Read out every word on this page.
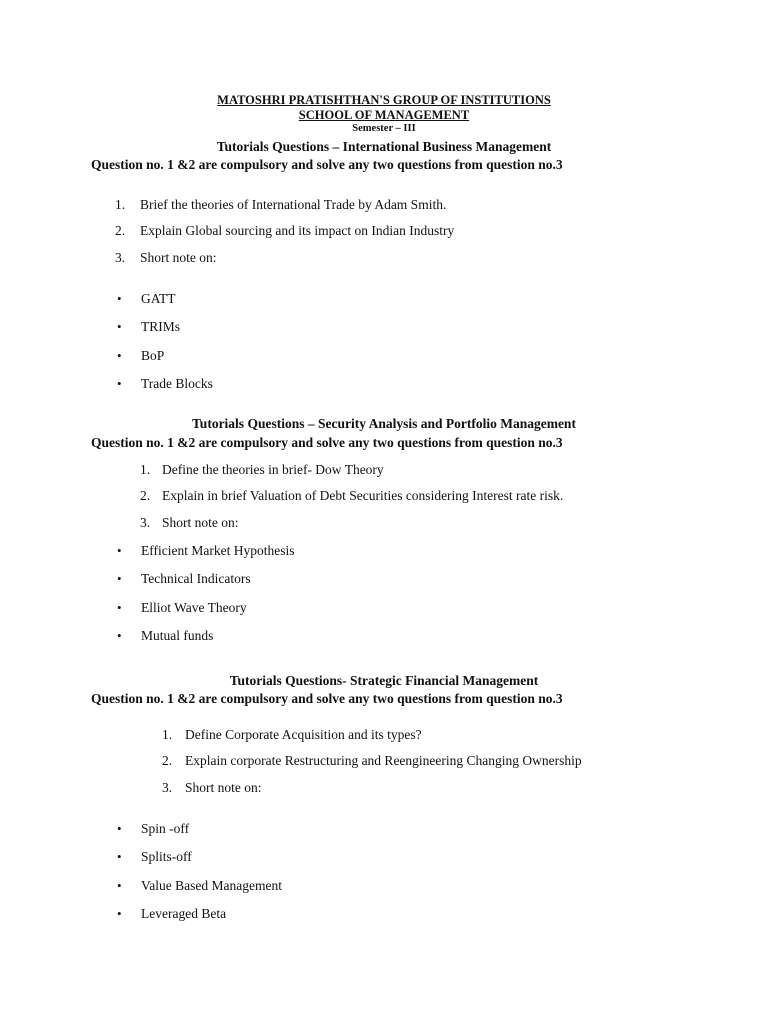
MATOSHRI PRATISHTHAN'S GROUP OF INSTITUTIONS
SCHOOL OF MANAGEMENT
Semester – III
Tutorials Questions – International Business Management
Question no. 1 &2 are compulsory and solve any two questions from question no.3
1. Brief the theories of International Trade by Adam Smith.
2. Explain Global sourcing and its impact on Indian Industry
3. Short note on:
• GATT
• TRIMs
• BoP
• Trade Blocks
Tutorials Questions – Security Analysis and Portfolio Management
Question no. 1 &2 are compulsory and solve any two questions from question no.3
1. Define the theories in brief- Dow Theory
2. Explain in brief Valuation of Debt Securities considering Interest rate risk.
3. Short note on:
• Efficient Market Hypothesis
• Technical Indicators
• Elliot Wave Theory
• Mutual funds
Tutorials Questions- Strategic Financial Management
Question no. 1 &2 are compulsory and solve any two questions from question no.3
1. Define Corporate Acquisition and its types?
2. Explain corporate Restructuring and Reengineering Changing Ownership
3. Short note on:
• Spin -off
• Splits-off
• Value Based Management
• Leveraged Beta
